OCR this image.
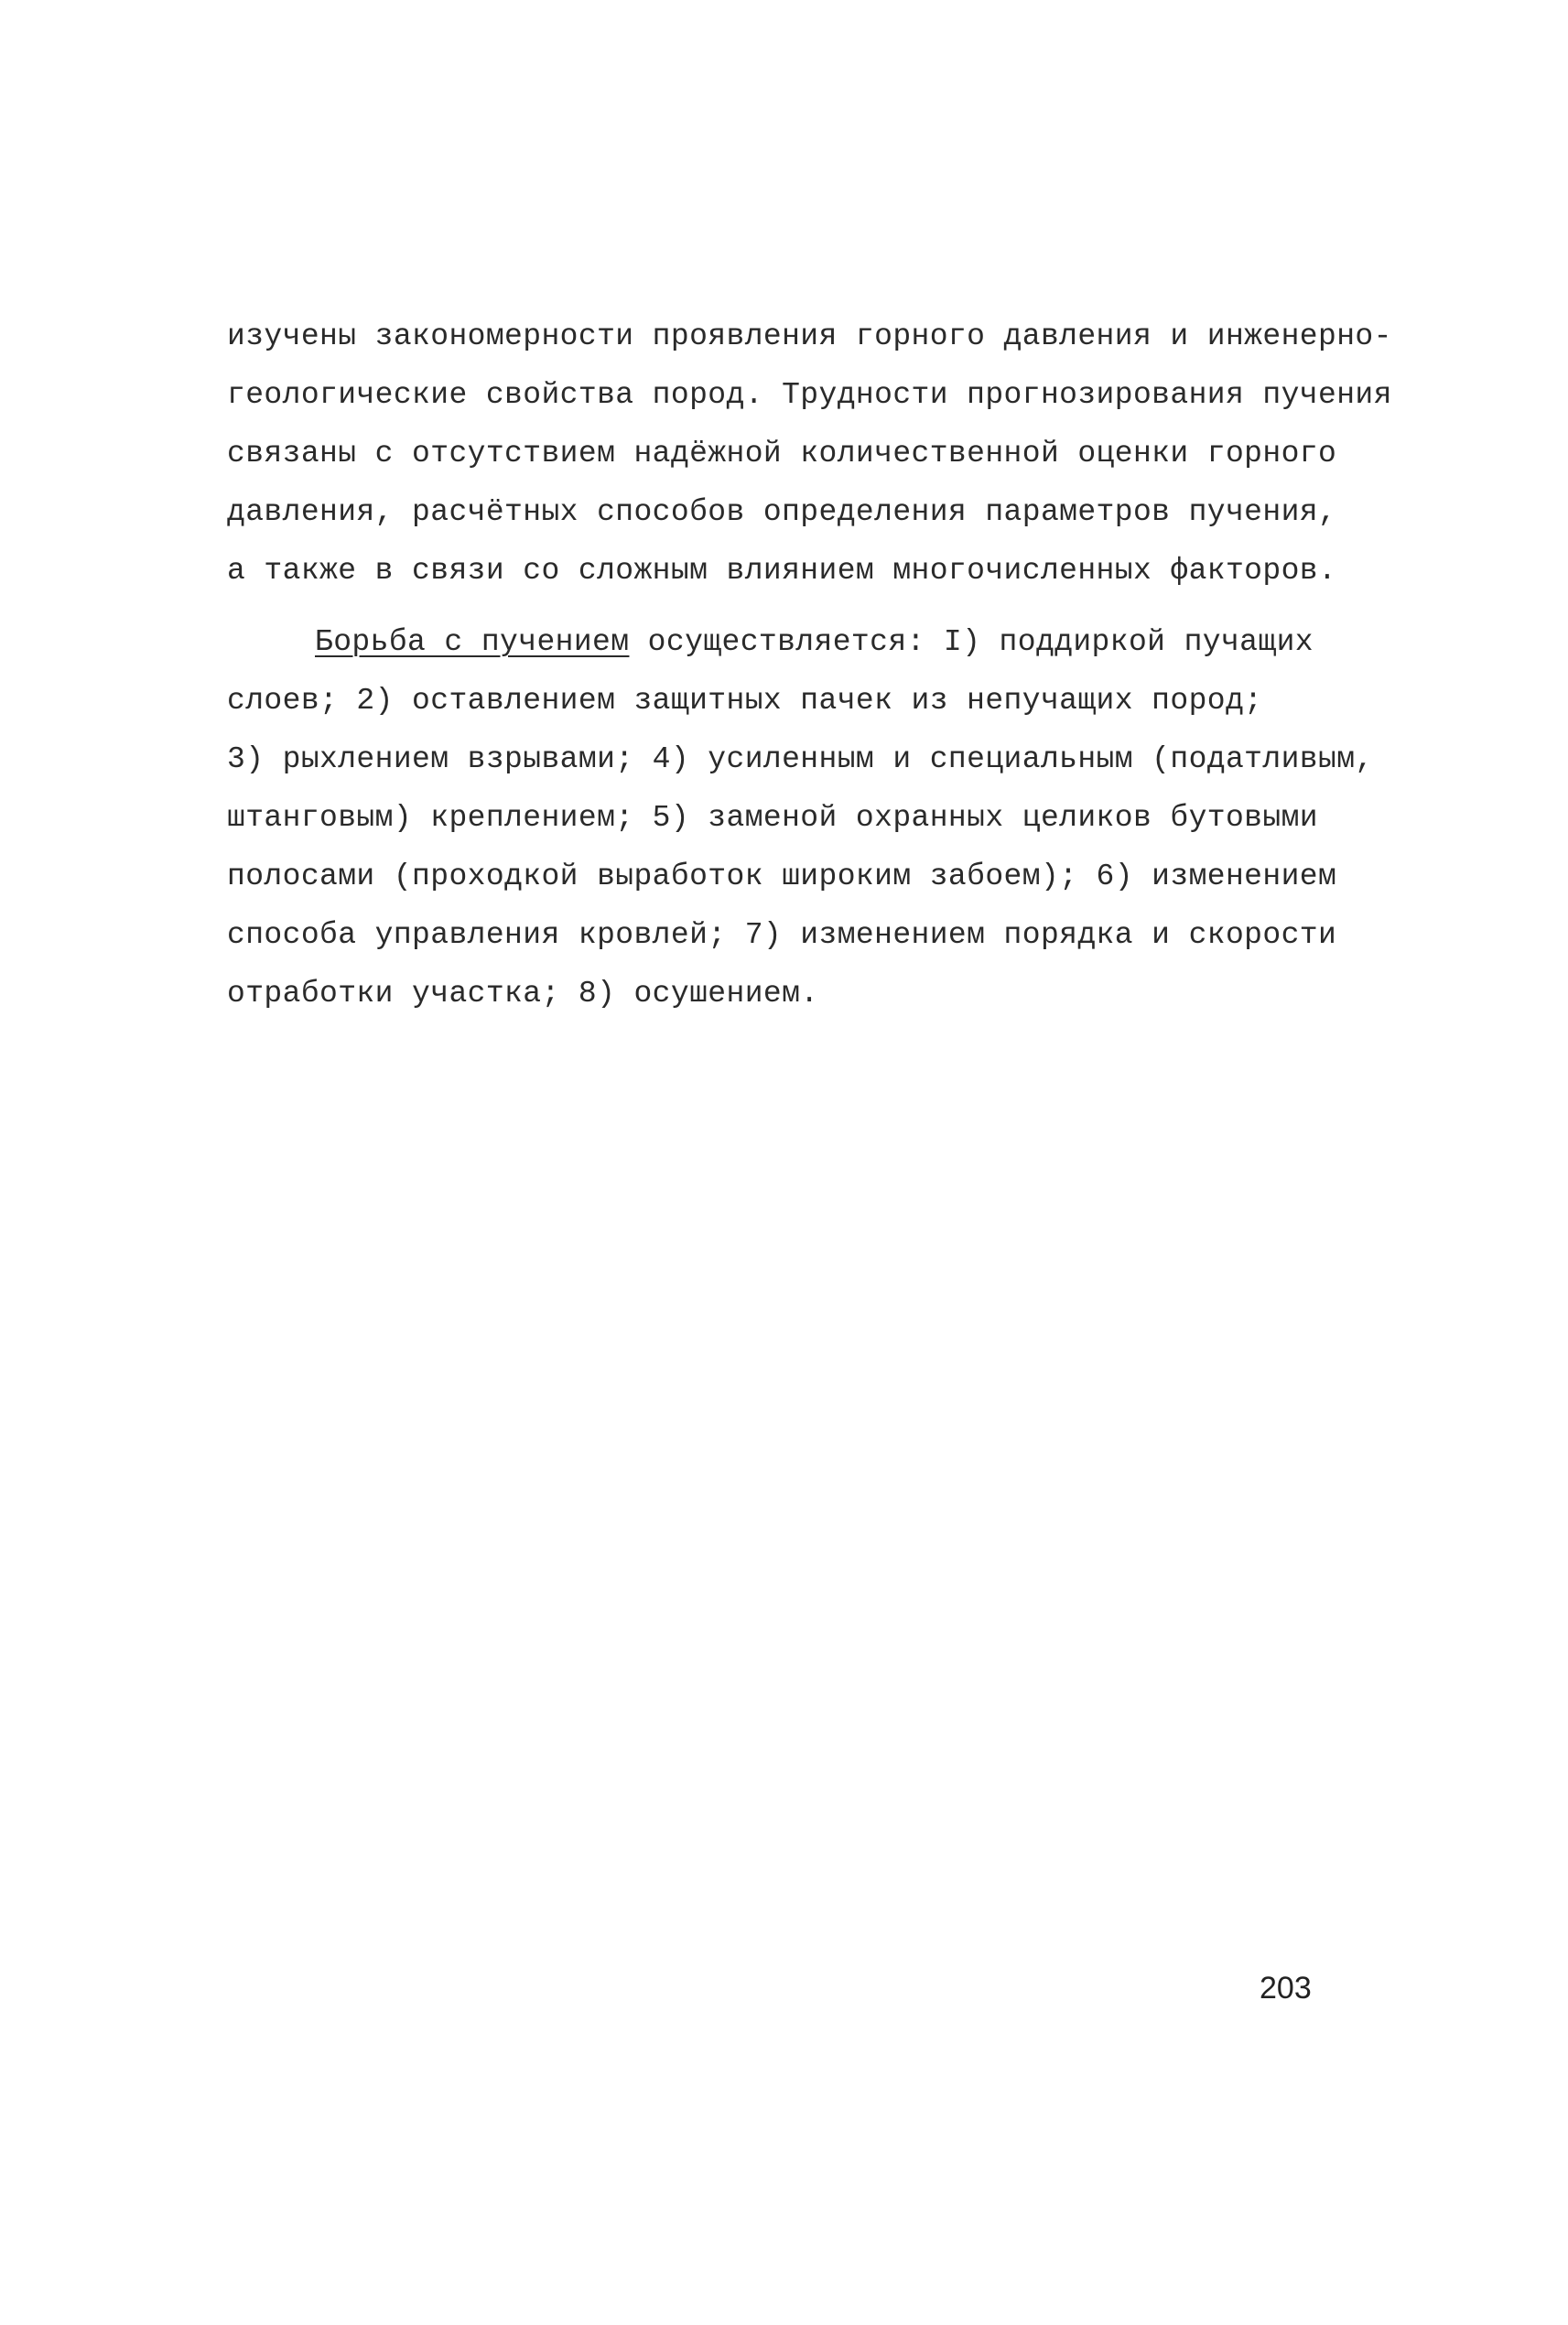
изучены закономерности проявления горного давления и инженерно-
геологические свойства пород. Трудности прогнозирования пучения
связаны с отсутствием надёжной количественной оценки горного
давления, расчётных способов определения параметров пучения,
а также в связи со сложным влиянием многочисленных факторов.
Борьба с пучением осуществляется: I) поддиркой пучащих
слоев; 2) оставлением защитных пачек из непучащих пород;
3) рыхлением взрывами; 4) усиленным и специальным (податливым,
штанговым) креплением; 5) заменой охранных целиков бутовыми
полосами (проходкой выработок широким забоем); 6) изменением
способа управления кровлей; 7) изменением порядка и скорости
отработки участка; 8) осушением.
203
